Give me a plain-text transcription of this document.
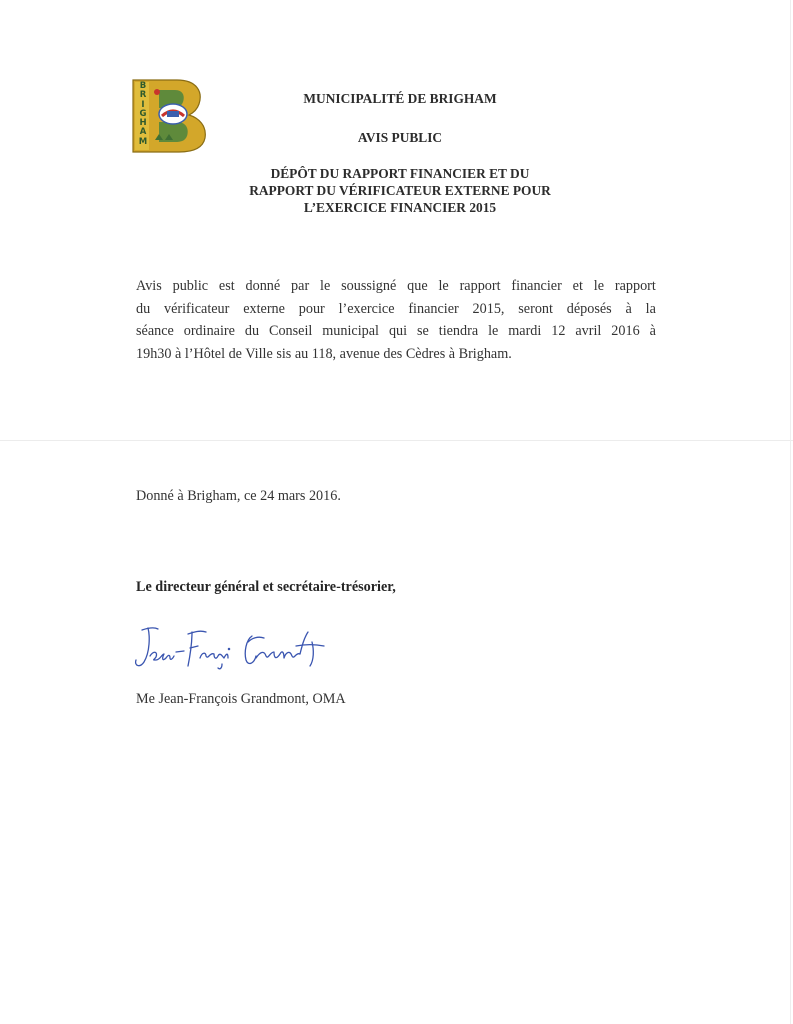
B
R
I
G
H
A
M
MUNICIPALITÉ DE BRIGHAM
AVIS PUBLIC
DÉPÔT DU RAPPORT FINANCIER ET DU
RAPPORT DU VÉRIFICATEUR EXTERNE POUR
L’EXERCICE FINANCIER 2015
Avis public est donné par le soussigné que le rapport financier et le rapport
du vérificateur externe pour l’exercice financier 2015, seront déposés à la
séance ordinaire du Conseil municipal qui se tiendra le mardi 12 avril 2016 à
19h30 à l’Hôtel de Ville sis au 118, avenue des Cèdres à Brigham.
Donné à Brigham, ce 24 mars 2016.
Le directeur général et secrétaire-trésorier,
Me Jean-François Grandmont, OMA
